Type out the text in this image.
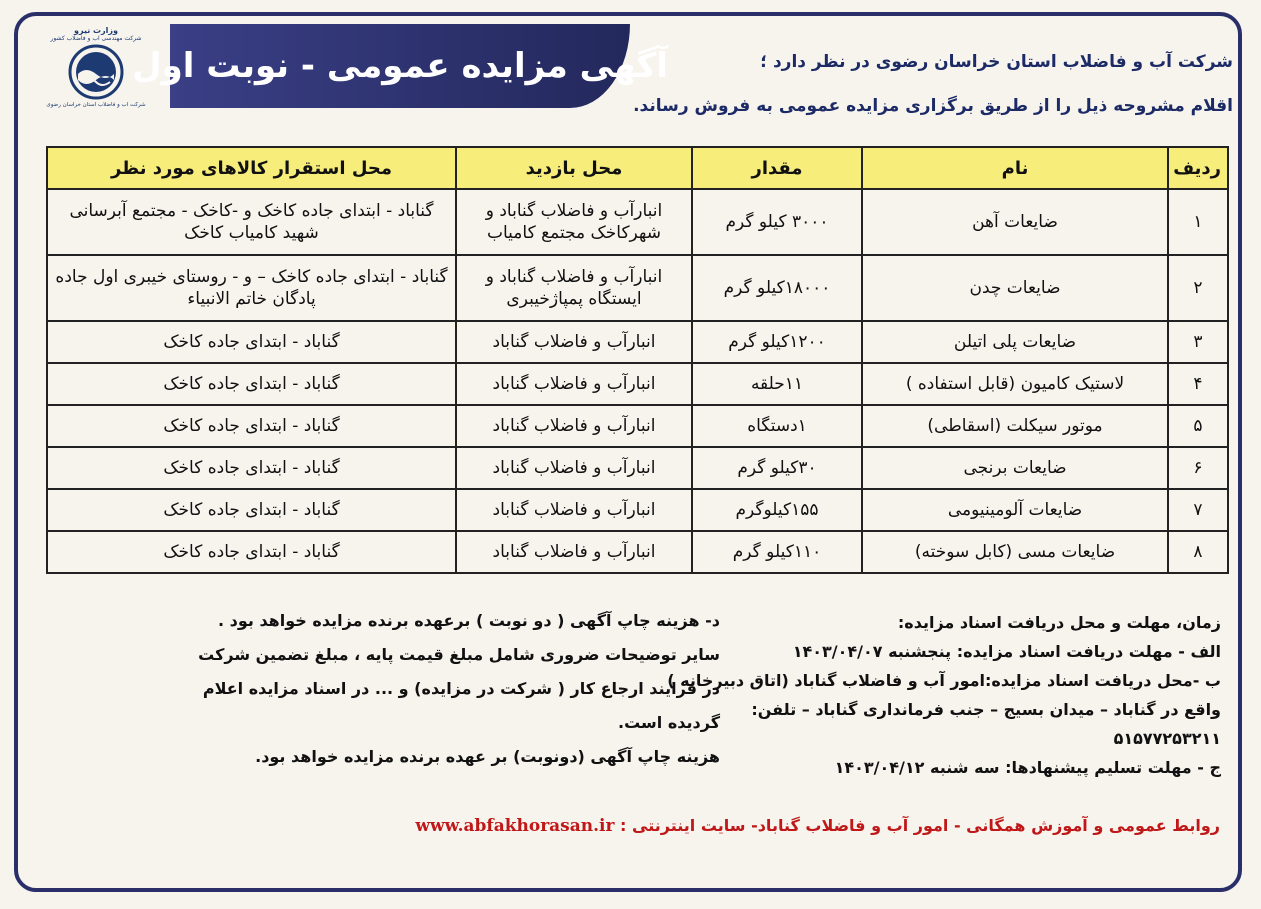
وزارت نیرو
شرکت مهندسی آب و فاضلاب کشور
شرکت آب و فاضلاب استان خراسان رضوی
آگهی مزایده عمومی - نوبت اول	شرکت آب و فاضلاب استان خراسان رضوی در نظر دارد ؛
اقلام مشروحه ذیل را از طریق برگزاری مزایده عمومی به فروش رساند.
ردیف	نام	مقدار	محل بازدید	محل استقرار کالاهای مورد نظر
۱	ضایعات آهن	۳۰۰۰ کیلو گرم	انبارآب و فاضلاب گناباد و شهرکاخک مجتمع کامیاب	گناباد - ابتدای جاده کاخک و -کاخک - مجتمع آبرسانی شهید کامیاب کاخک
۲	ضایعات چدن	۱۸۰۰۰کیلو گرم	انبارآب و فاضلاب گناباد و ایستگاه پمپاژخیبری	گناباد - ابتدای جاده کاخک – و - روستای خیبری اول جاده پادگان خاتم الانبیاء
۳	ضایعات پلی اتیلن	۱۲۰۰کیلو گرم	انبارآب و فاضلاب گناباد	گناباد - ابتدای جاده کاخک
۴	لاستیک کامیون (قابل استفاده )	۱۱حلقه	انبارآب و فاضلاب گناباد	گناباد - ابتدای جاده کاخک
۵	موتور سیکلت (اسقاطی)	۱دستگاه	انبارآب و فاضلاب گناباد	گناباد - ابتدای جاده کاخک
۶	ضایعات برنجی	۳۰کیلو گرم	انبارآب و فاضلاب گناباد	گناباد - ابتدای جاده کاخک
۷	ضایعات آلومینیومی	۱۵۵کیلوگرم	انبارآب و فاضلاب گناباد	گناباد - ابتدای جاده کاخک
۸	ضایعات مسی (کابل سوخته)	۱۱۰کیلو گرم	انبارآب و فاضلاب گناباد	گناباد - ابتدای جاده کاخک
زمان، مهلت و محل دریافت اسناد مزایده:
الف - مهلت دریافت اسناد مزایده: پنجشنبه ۱۴۰۳/۰۴/۰۷
ب -محل دریافت اسناد مزایده:امور آب و فاضلاب گناباد (اتاق دبیرخانه )
واقع در گناباد – میدان بسیج – جنب فرمانداری گناباد – تلفن:
۵۱۵۷۷۲۵۳۲۱۱
ج - مهلت تسلیم پیشنهادها: سه شنبه ۱۴۰۳/۰۴/۱۲
د- هزینه چاپ آگهی ( دو نوبت ) برعهده برنده مزایده خواهد بود .
سایر توضیحات ضروری شامل مبلغ قیمت پایه ، مبلغ تضمین شرکت
در فرایند ارجاع کار ( شرکت در مزایده) و ... در اسناد مزایده اعلام
گردیده است.
هزینه چاپ آگهی (دونوبت) بر عهده برنده مزایده خواهد بود.
روابط عمومی و آموزش همگانی - امور آب و فاضلاب گناباد- سایت اینترنتی : www.abfakhorasan.ir
